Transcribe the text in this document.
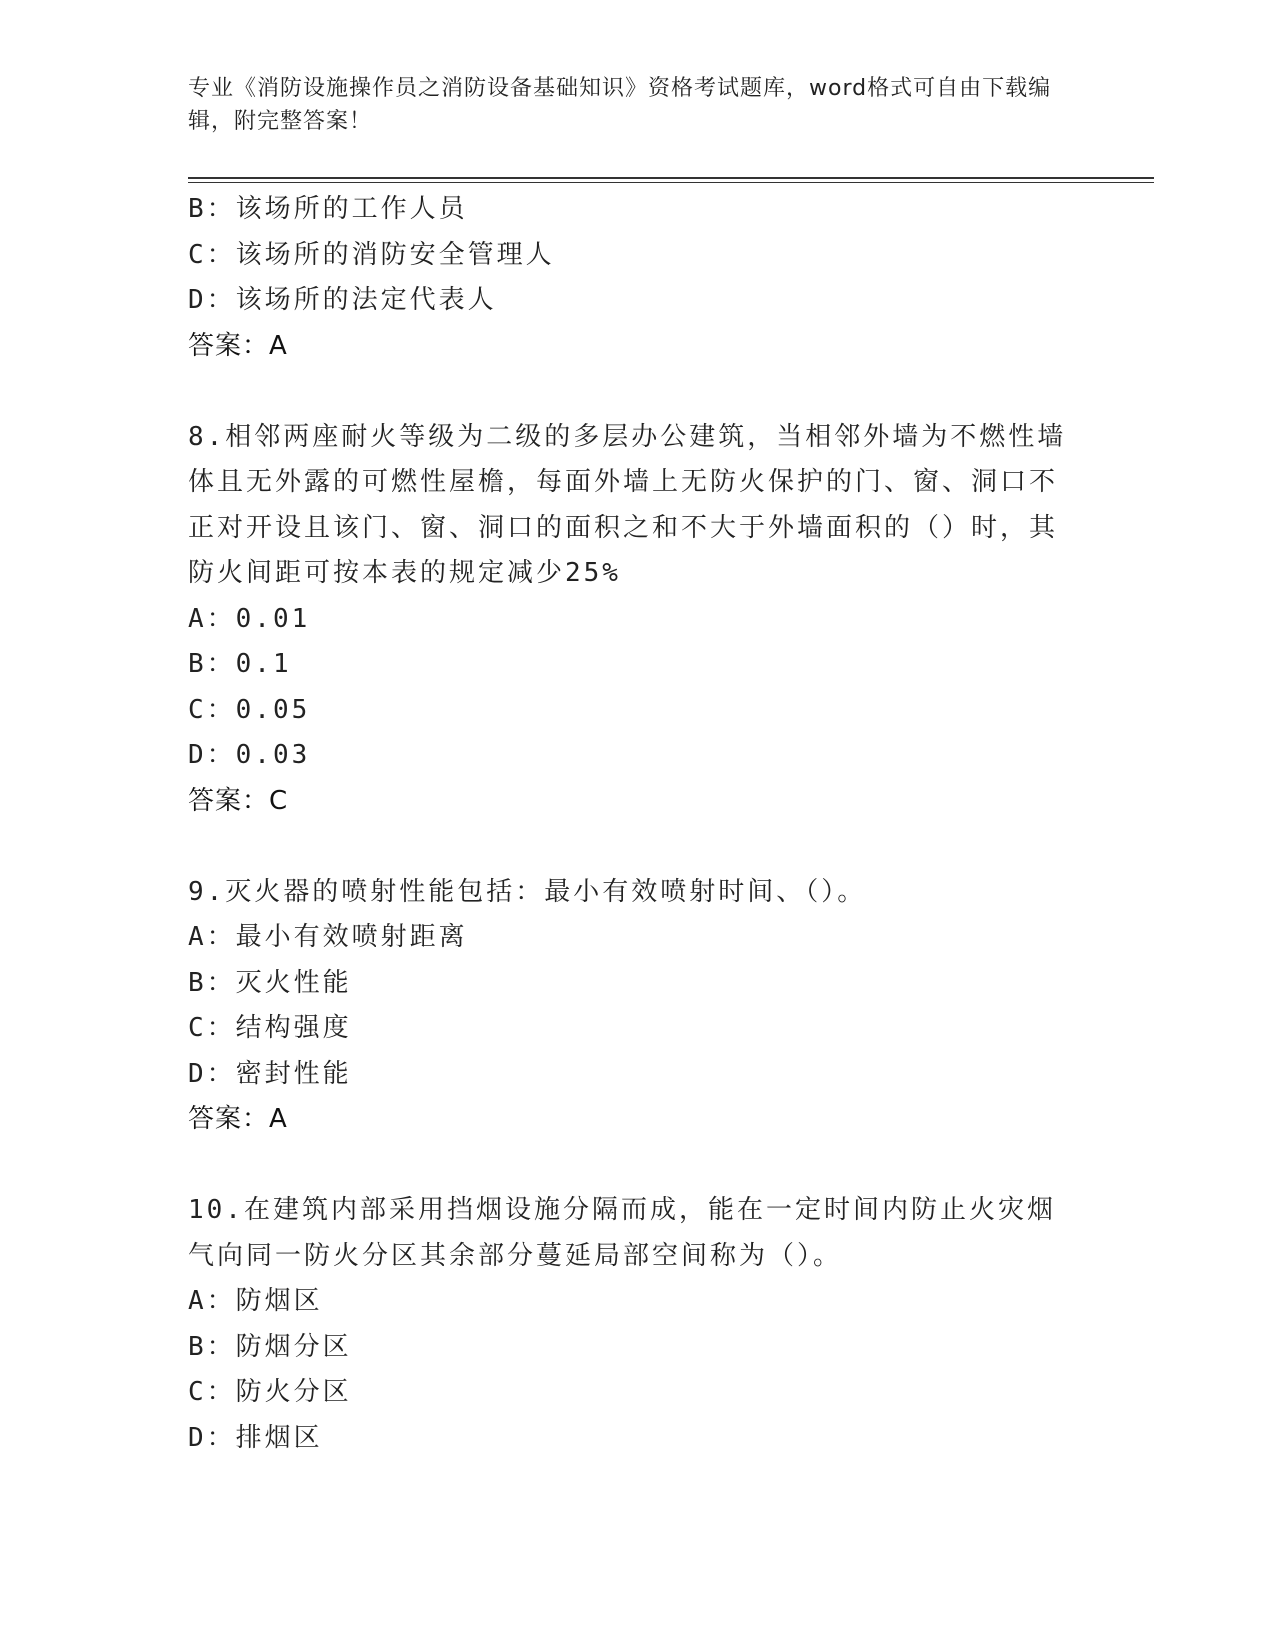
专业《消防设施操作员之消防设备基础知识》资格考试题库，word格式可自由下载编辑，附完整答案！
B：该场所的工作人员
C：该场所的消防安全管理人
D：该场所的法定代表人
答案：A
8.相邻两座耐火等级为二级的多层办公建筑，当相邻外墙为不燃性墙体且无外露的可燃性屋檐，每面外墙上无防火保护的门、窗、洞口不正对开设且该门、窗、洞口的面积之和不大于外墙面积的（）时，其防火间距可按本表的规定减少25%
A：0.01
B：0.1
C：0.05
D：0.03
答案：C
9.灭火器的喷射性能包括：最小有效喷射时间、（）。
A：最小有效喷射距离
B：灭火性能
C：结构强度
D：密封性能
答案：A
10.在建筑内部采用挡烟设施分隔而成，能在一定时间内防止火灾烟气向同一防火分区其余部分蔓延局部空间称为（）。
A：防烟区
B：防烟分区
C：防火分区
D：排烟区
